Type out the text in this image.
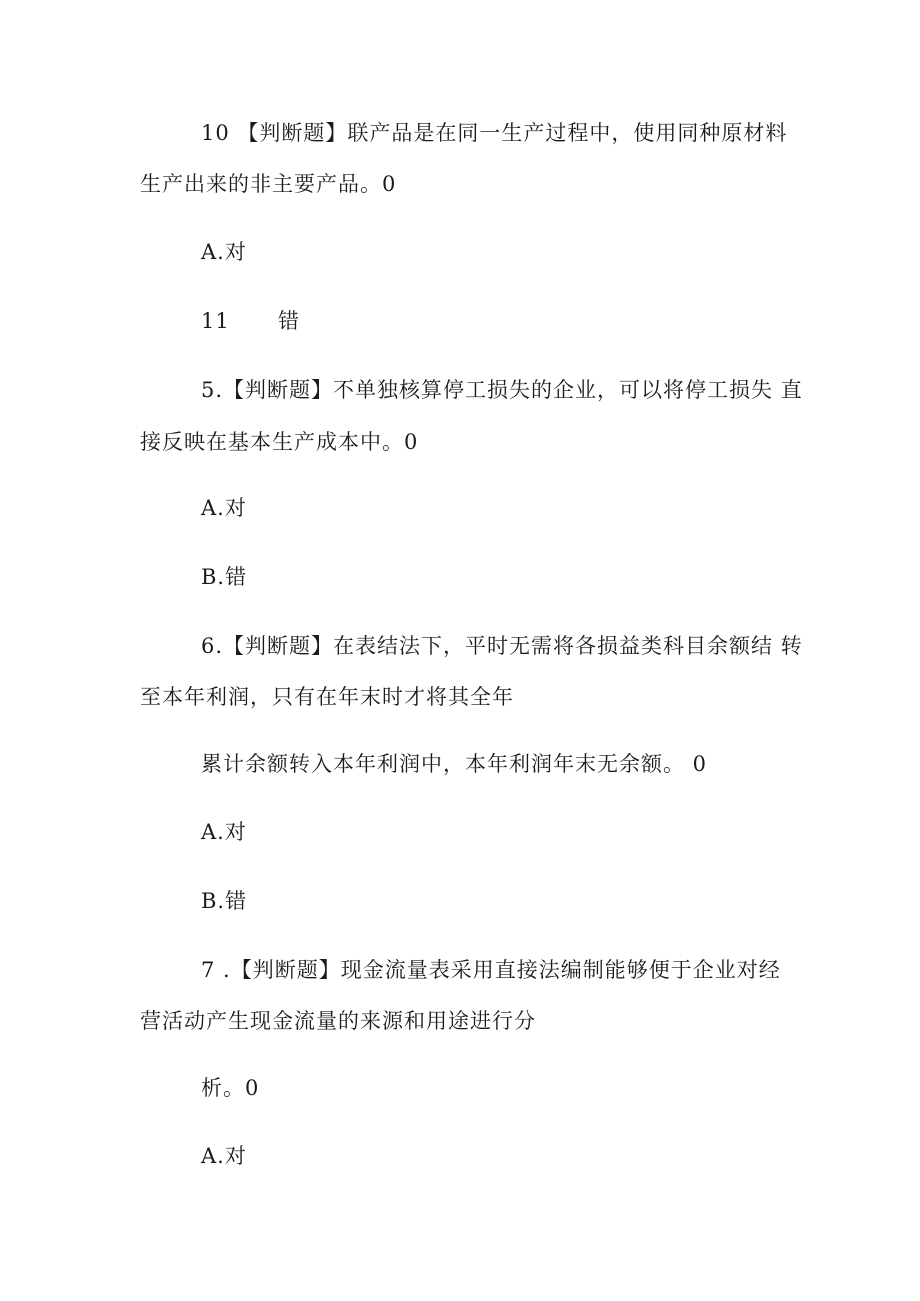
10 【判断题】联产品是在同一生产过程中，使用同种原材料
生产出来的非主要产品。0
A.对
11 错
5.【判断题】不单独核算停工损失的企业，可以将停工损失 直
接反映在基本生产成本中。0
A.对
B.错
6.【判断题】在表结法下，平时无需将各损益类科目余额结 转
至本年利润，只有在年末时才将其全年
累计余额转入本年利润中，本年利润年末无余额。 0
A.对
B.错
7 .【判断题】现金流量表采用直接法编制能够便于企业对经
营活动产生现金流量的来源和用途进行分
析。0
A.对
